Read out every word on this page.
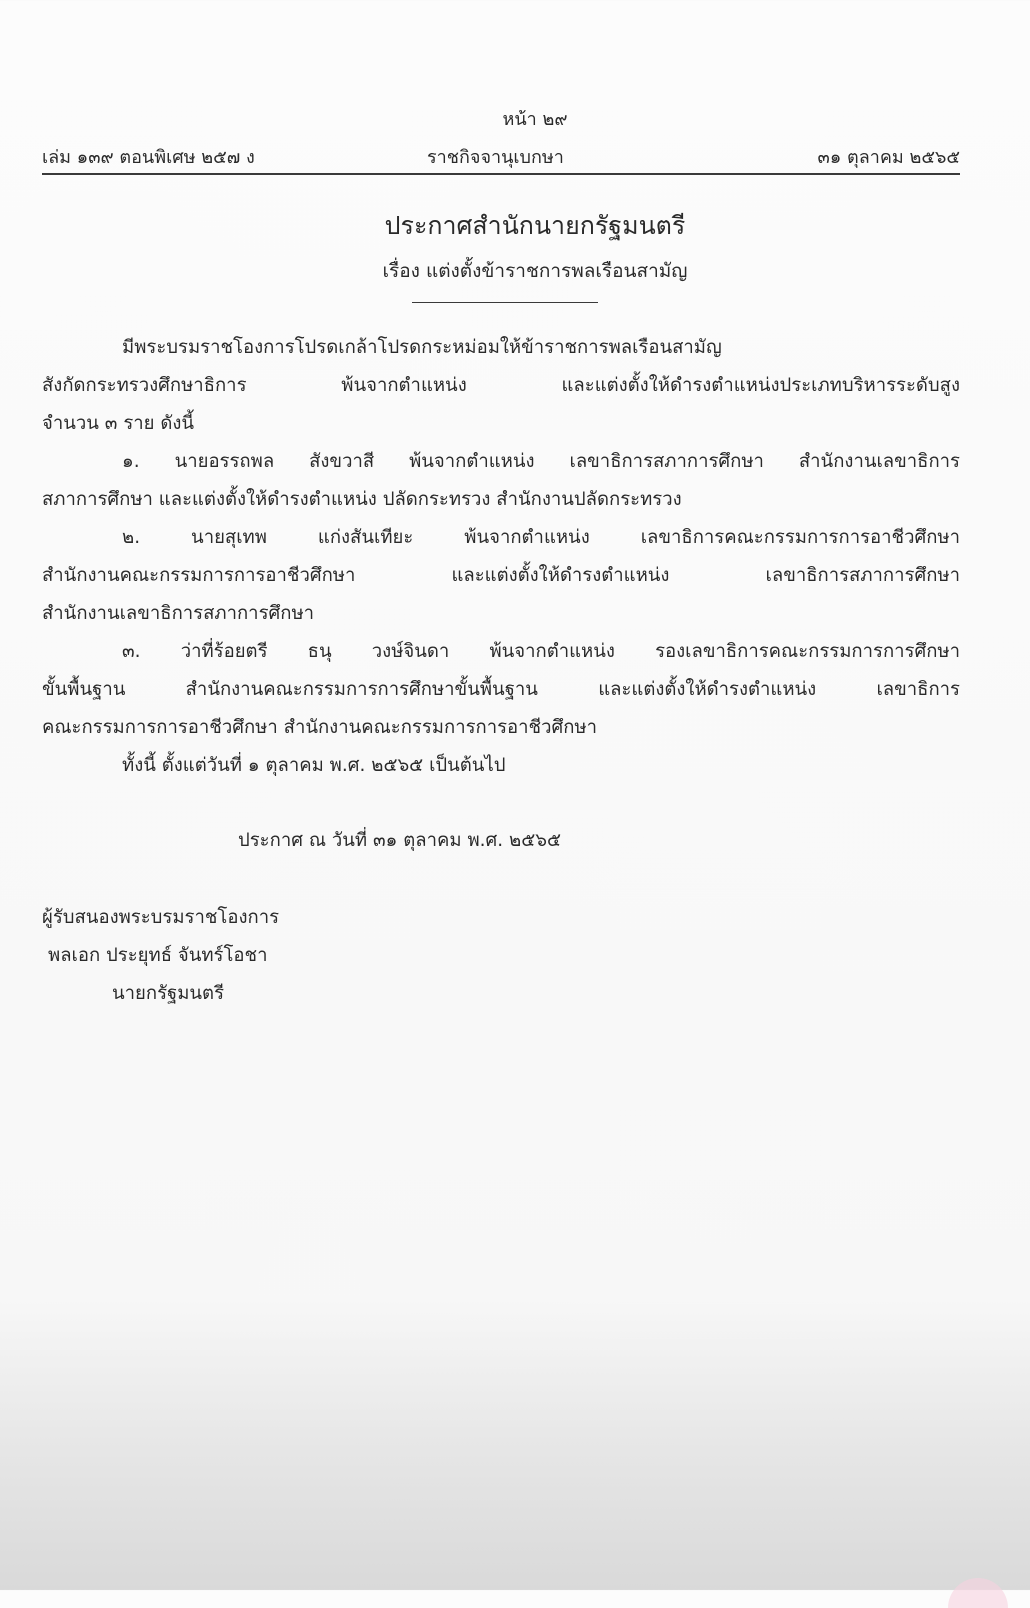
หน้า ๒๙
เล่ม ๑๓๙ ตอนพิเศษ ๒๕๗ ง	ราชกิจจานุเบกษา	๓๑ ตุลาคม ๒๕๖๕
ประกาศสำนักนายกรัฐมนตรี
เรื่อง แต่งตั้งข้าราชการพลเรือนสามัญ
มีพระบรมราชโองการโปรดเกล้าโปรดกระหม่อมให้ข้าราชการพลเรือนสามัญ
สังกัดกระทรวงศึกษาธิการ พ้นจากตำแหน่ง และแต่งตั้งให้ดำรงตำแหน่งประเภทบริหารระดับสูง
จำนวน ๓ ราย ดังนี้
๑. นายอรรถพล สังขวาสี พ้นจากตำแหน่ง เลขาธิการสภาการศึกษา สำนักงานเลขาธิการ
สภาการศึกษา และแต่งตั้งให้ดำรงตำแหน่ง ปลัดกระทรวง สำนักงานปลัดกระทรวง
๒. นายสุเทพ แก่งสันเทียะ พ้นจากตำแหน่ง เลขาธิการคณะกรรมการการอาชีวศึกษา
สำนักงานคณะกรรมการการอาชีวศึกษา และแต่งตั้งให้ดำรงตำแหน่ง เลขาธิการสภาการศึกษา
สำนักงานเลขาธิการสภาการศึกษา
๓. ว่าที่ร้อยตรี ธนุ วงษ์จินดา พ้นจากตำแหน่ง รองเลขาธิการคณะกรรมการการศึกษา
ขั้นพื้นฐาน สำนักงานคณะกรรมการการศึกษาขั้นพื้นฐาน และแต่งตั้งให้ดำรงตำแหน่ง เลขาธิการ
คณะกรรมการการอาชีวศึกษา สำนักงานคณะกรรมการการอาชีวศึกษา
ทั้งนี้ ตั้งแต่วันที่ ๑ ตุลาคม พ.ศ. ๒๕๖๕ เป็นต้นไป
ประกาศ ณ วันที่ ๓๑ ตุลาคม พ.ศ. ๒๕๖๕
ผู้รับสนองพระบรมราชโองการ
พลเอก ประยุทธ์ จันทร์โอชา
นายกรัฐมนตรี
